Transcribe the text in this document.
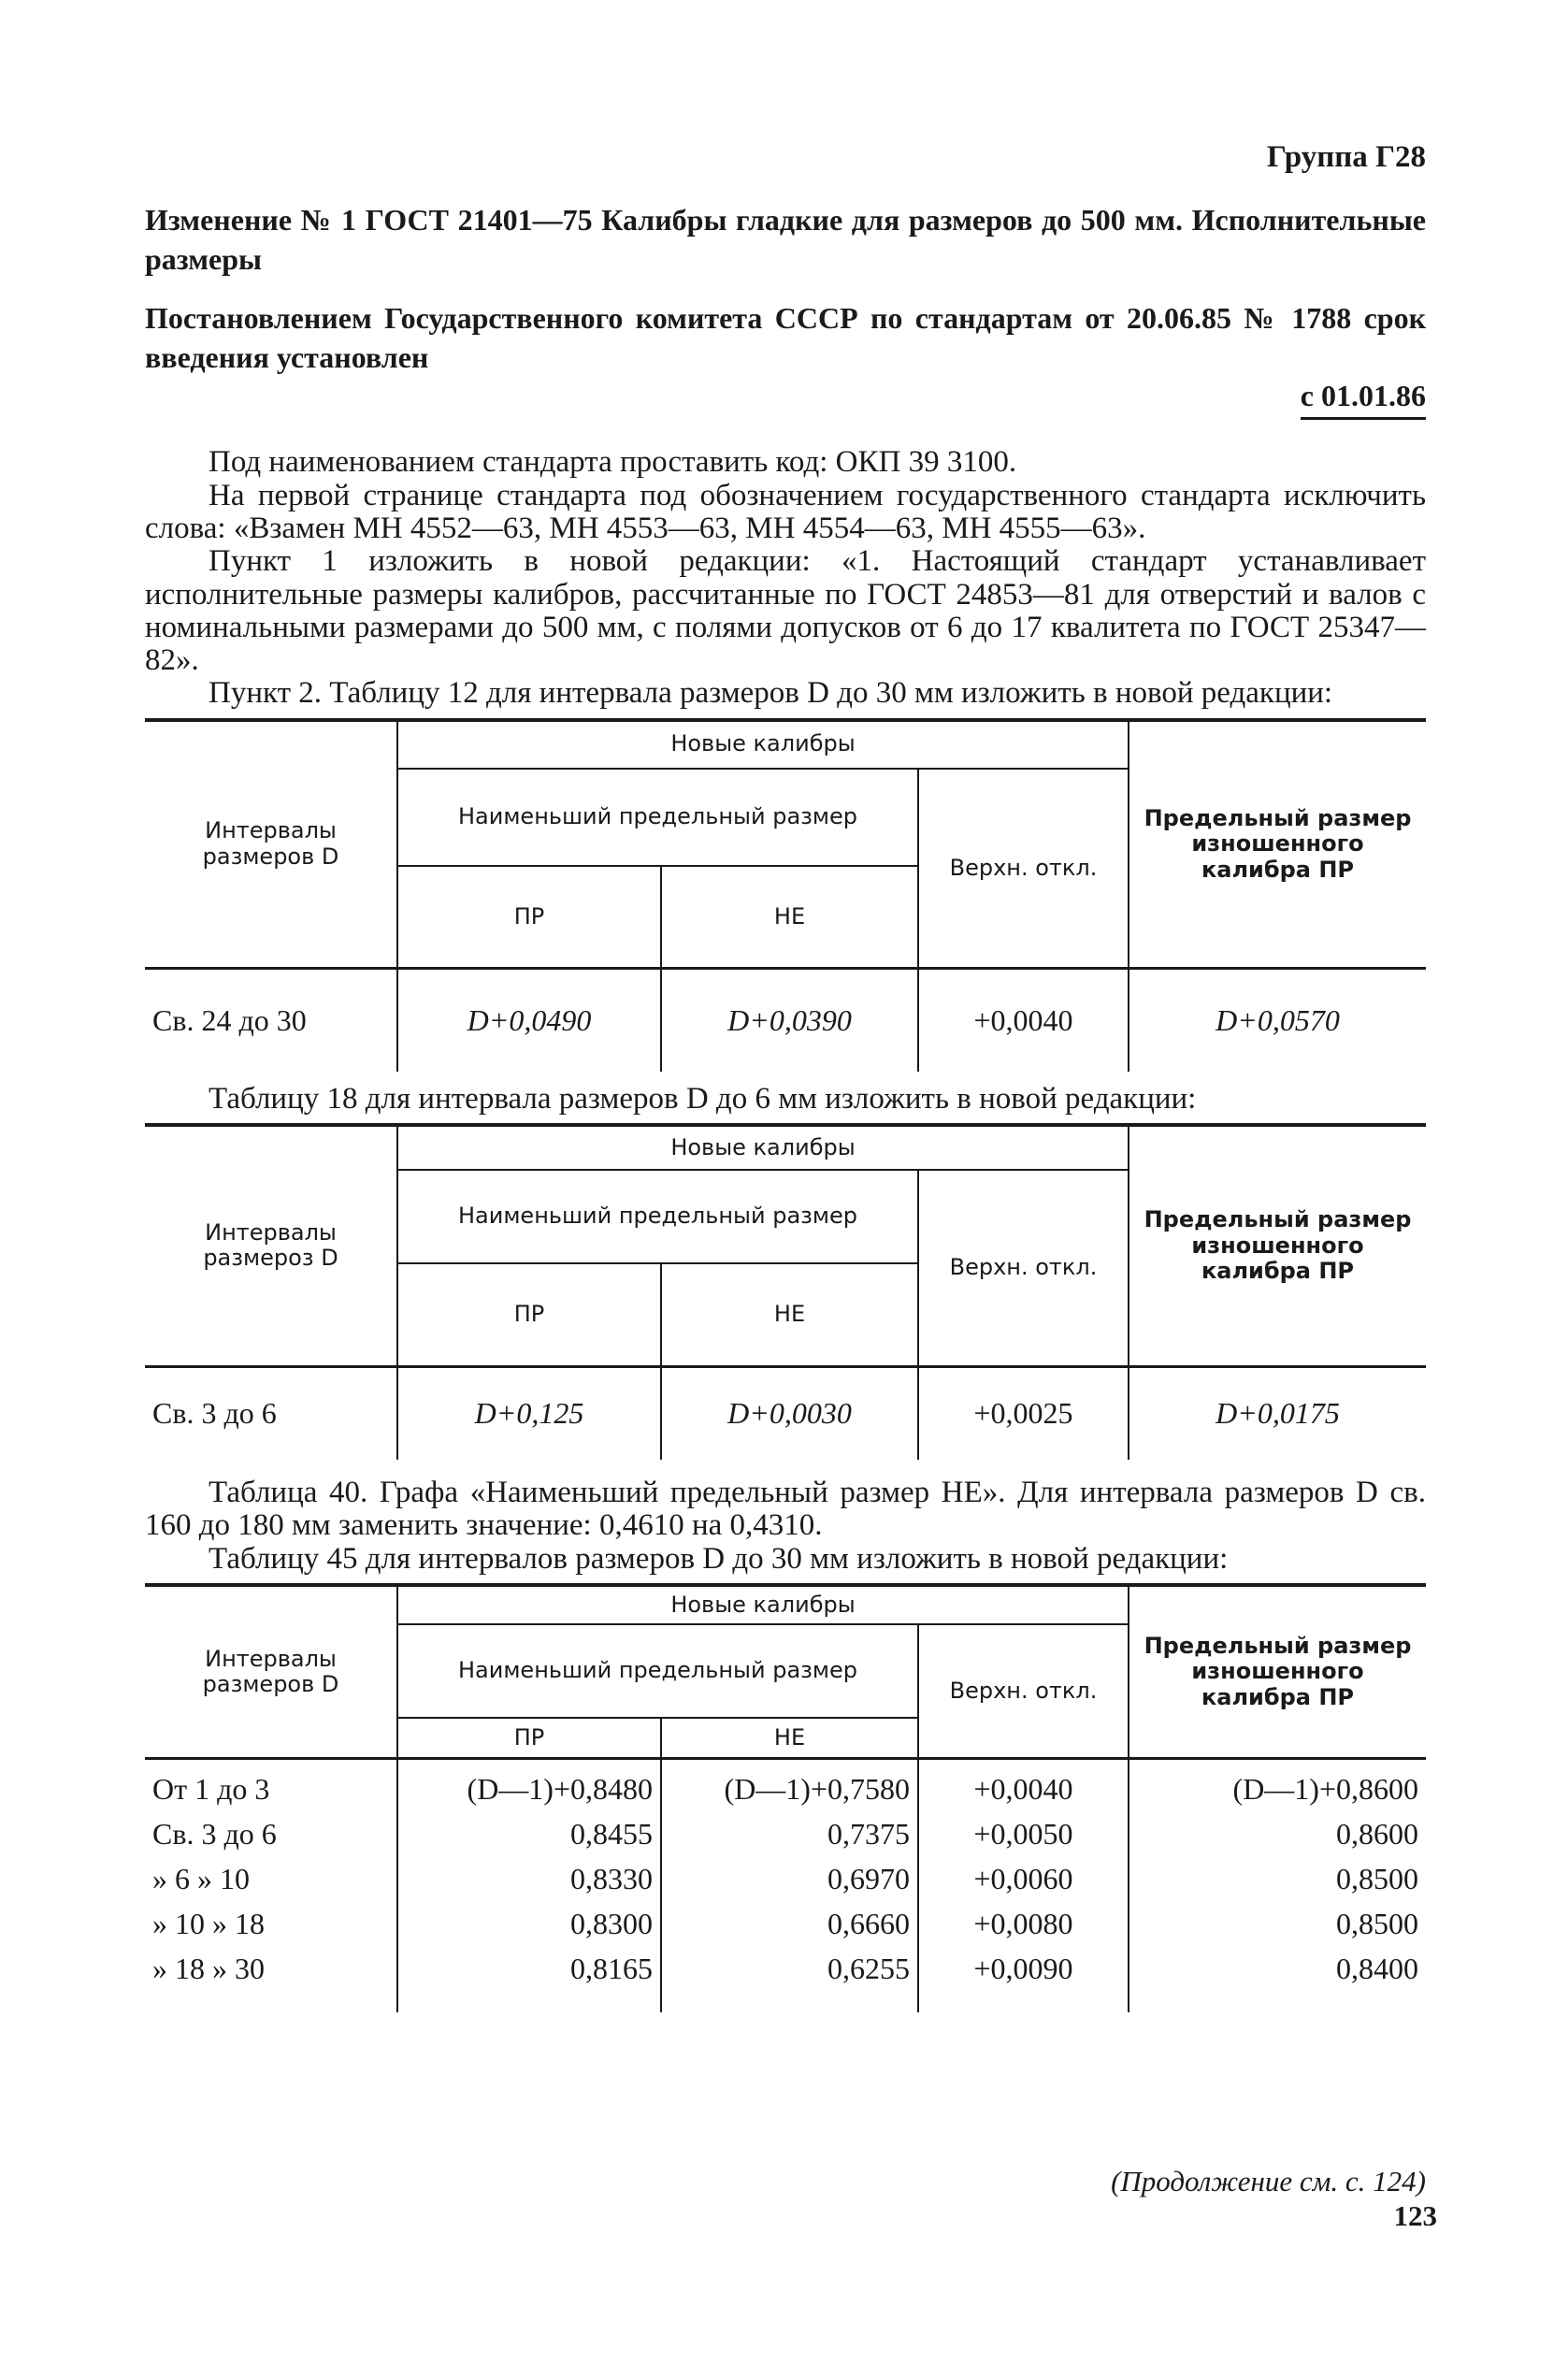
Группа Г28
Изменение № 1 ГОСТ 21401—75 Калибры гладкие для размеров до 500 мм. Исполнительные размеры
Постановлением Государственного комитета СССР по стандартам от 20.06.85 № 1788 срок введения установлен
с 01.01.86

Под наименованием стандарта проставить код: ОКП 39 3100.

На первой странице стандарта под обозначением государственного стандарта исключить слова: «Взамен МН 4552—63, МН 4553—63, МН 4554—63, МН 4555—63».

Пункт 1 изложить в новой редакции: «1. Настоящий стандарт устанавливает исполнительные размеры калибров, рассчитанные по ГОСТ 24853—81 для отверстий и валов с номинальными размерами до 500 мм, с полями допусков от 6 до 17 квалитета по ГОСТ 25347—82».

Пункт 2. Таблицу 12 для интервала размеров D до 30 мм изложить в новой редакции:

Интервалы размеров D	Новые калибры			Предельный размер изношенного калибра ПР
	Наименьший предельный размер		Верхн. откл.	
	ПР	НЕ		
Св. 24 до 30	D+0,0490	D+0,0390	+0,0040	D+0,0570

Таблицу 18 для интервала размеров D до 6 мм изложить в новой редакции:

Интервалы размероз D	Новые калибры			Предельный размер изношенного калибра ПР
	Наименьший предельный размер		Верхн. откл.	
	ПР	НЕ		
Св. 3 до 6	D+0,125	D+0,0030	+0,0025	D+0,0175

Таблица 40. Графа «Наименьший предельный размер НЕ». Для интервала размеров D св. 160 до 180 мм заменить значение: 0,4610 на 0,4310.

Таблицу 45 для интервалов размеров D до 30 мм изложить в новой редакции:

Интервалы размеров D	Новые калибры			Предельный размер изношенного калибра ПР
	Наименьший предельный размер		Верхн. откл.	
	ПР	НЕ		
От 1 до 3	(D—1)+0,8480	(D—1)+0,7580	+0,0040	(D—1)+0,8600
Св. 3 до 6	0,8455	0,7375	+0,0050	0,8600
» 6 » 10	0,8330	0,6970	+0,0060	0,8500
» 10 » 18	0,8300	0,6660	+0,0080	0,8500
» 18 » 30	0,8165	0,6255	+0,0090	0,8400
(Продолжение см. с. 124)
123
